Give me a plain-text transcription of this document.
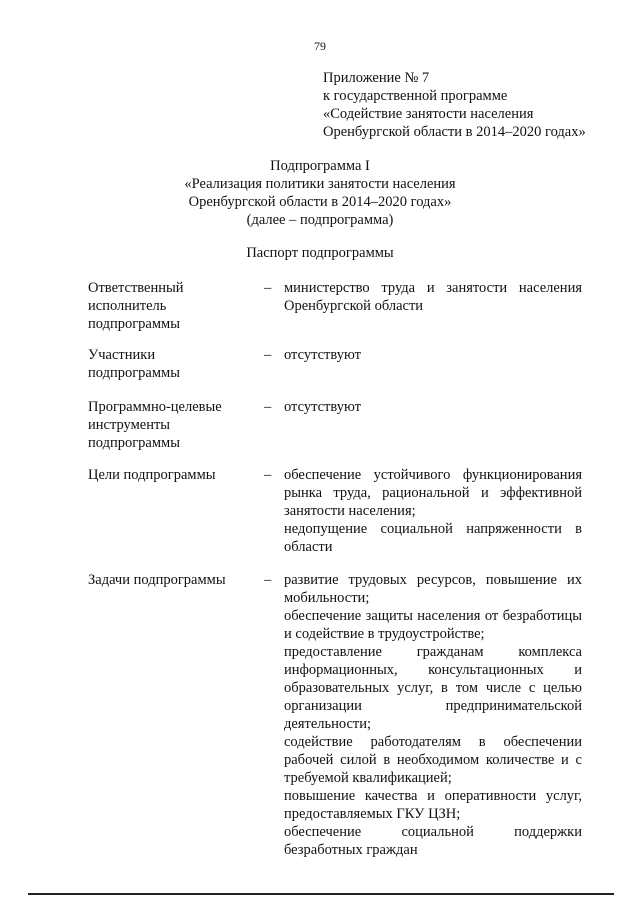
79
Приложение № 7
к государственной программе
«Содействие занятости населения
Оренбургской области в 2014–2020 годах»
Подпрограмма I
«Реализация политики занятости населения
Оренбургской области в 2014–2020 годах»
(далее – подпрограмма)
Паспорт подпрограммы
Ответственный
исполнитель
подпрограммы
– министерство труда и занятости населения Оренбургской области
Участники
подпрограммы
– отсутствуют
Программно-целевые
инструменты
подпрограммы
– отсутствуют
Цели подпрограммы	– обеспечение устойчивого функционирования рынка труда, рациональной и эффективной занятости населения;
недопущение социальной напряженности в области
Задачи подпрограммы	– развитие трудовых ресурсов, повышение их мобильности;
обеспечение защиты населения от безработицы и содействие в трудоустройстве;
предоставление гражданам комплекса информационных, консультационных и образовательных услуг, в том числе с целью организации предпринимательской деятельности;
содействие работодателям в обеспечении рабочей силой в необходимом количестве и с требуемой квалификацией;
повышение качества и оперативности услуг, предоставляемых ГКУ ЦЗН;
обеспечение социальной поддержки безработных граждан
